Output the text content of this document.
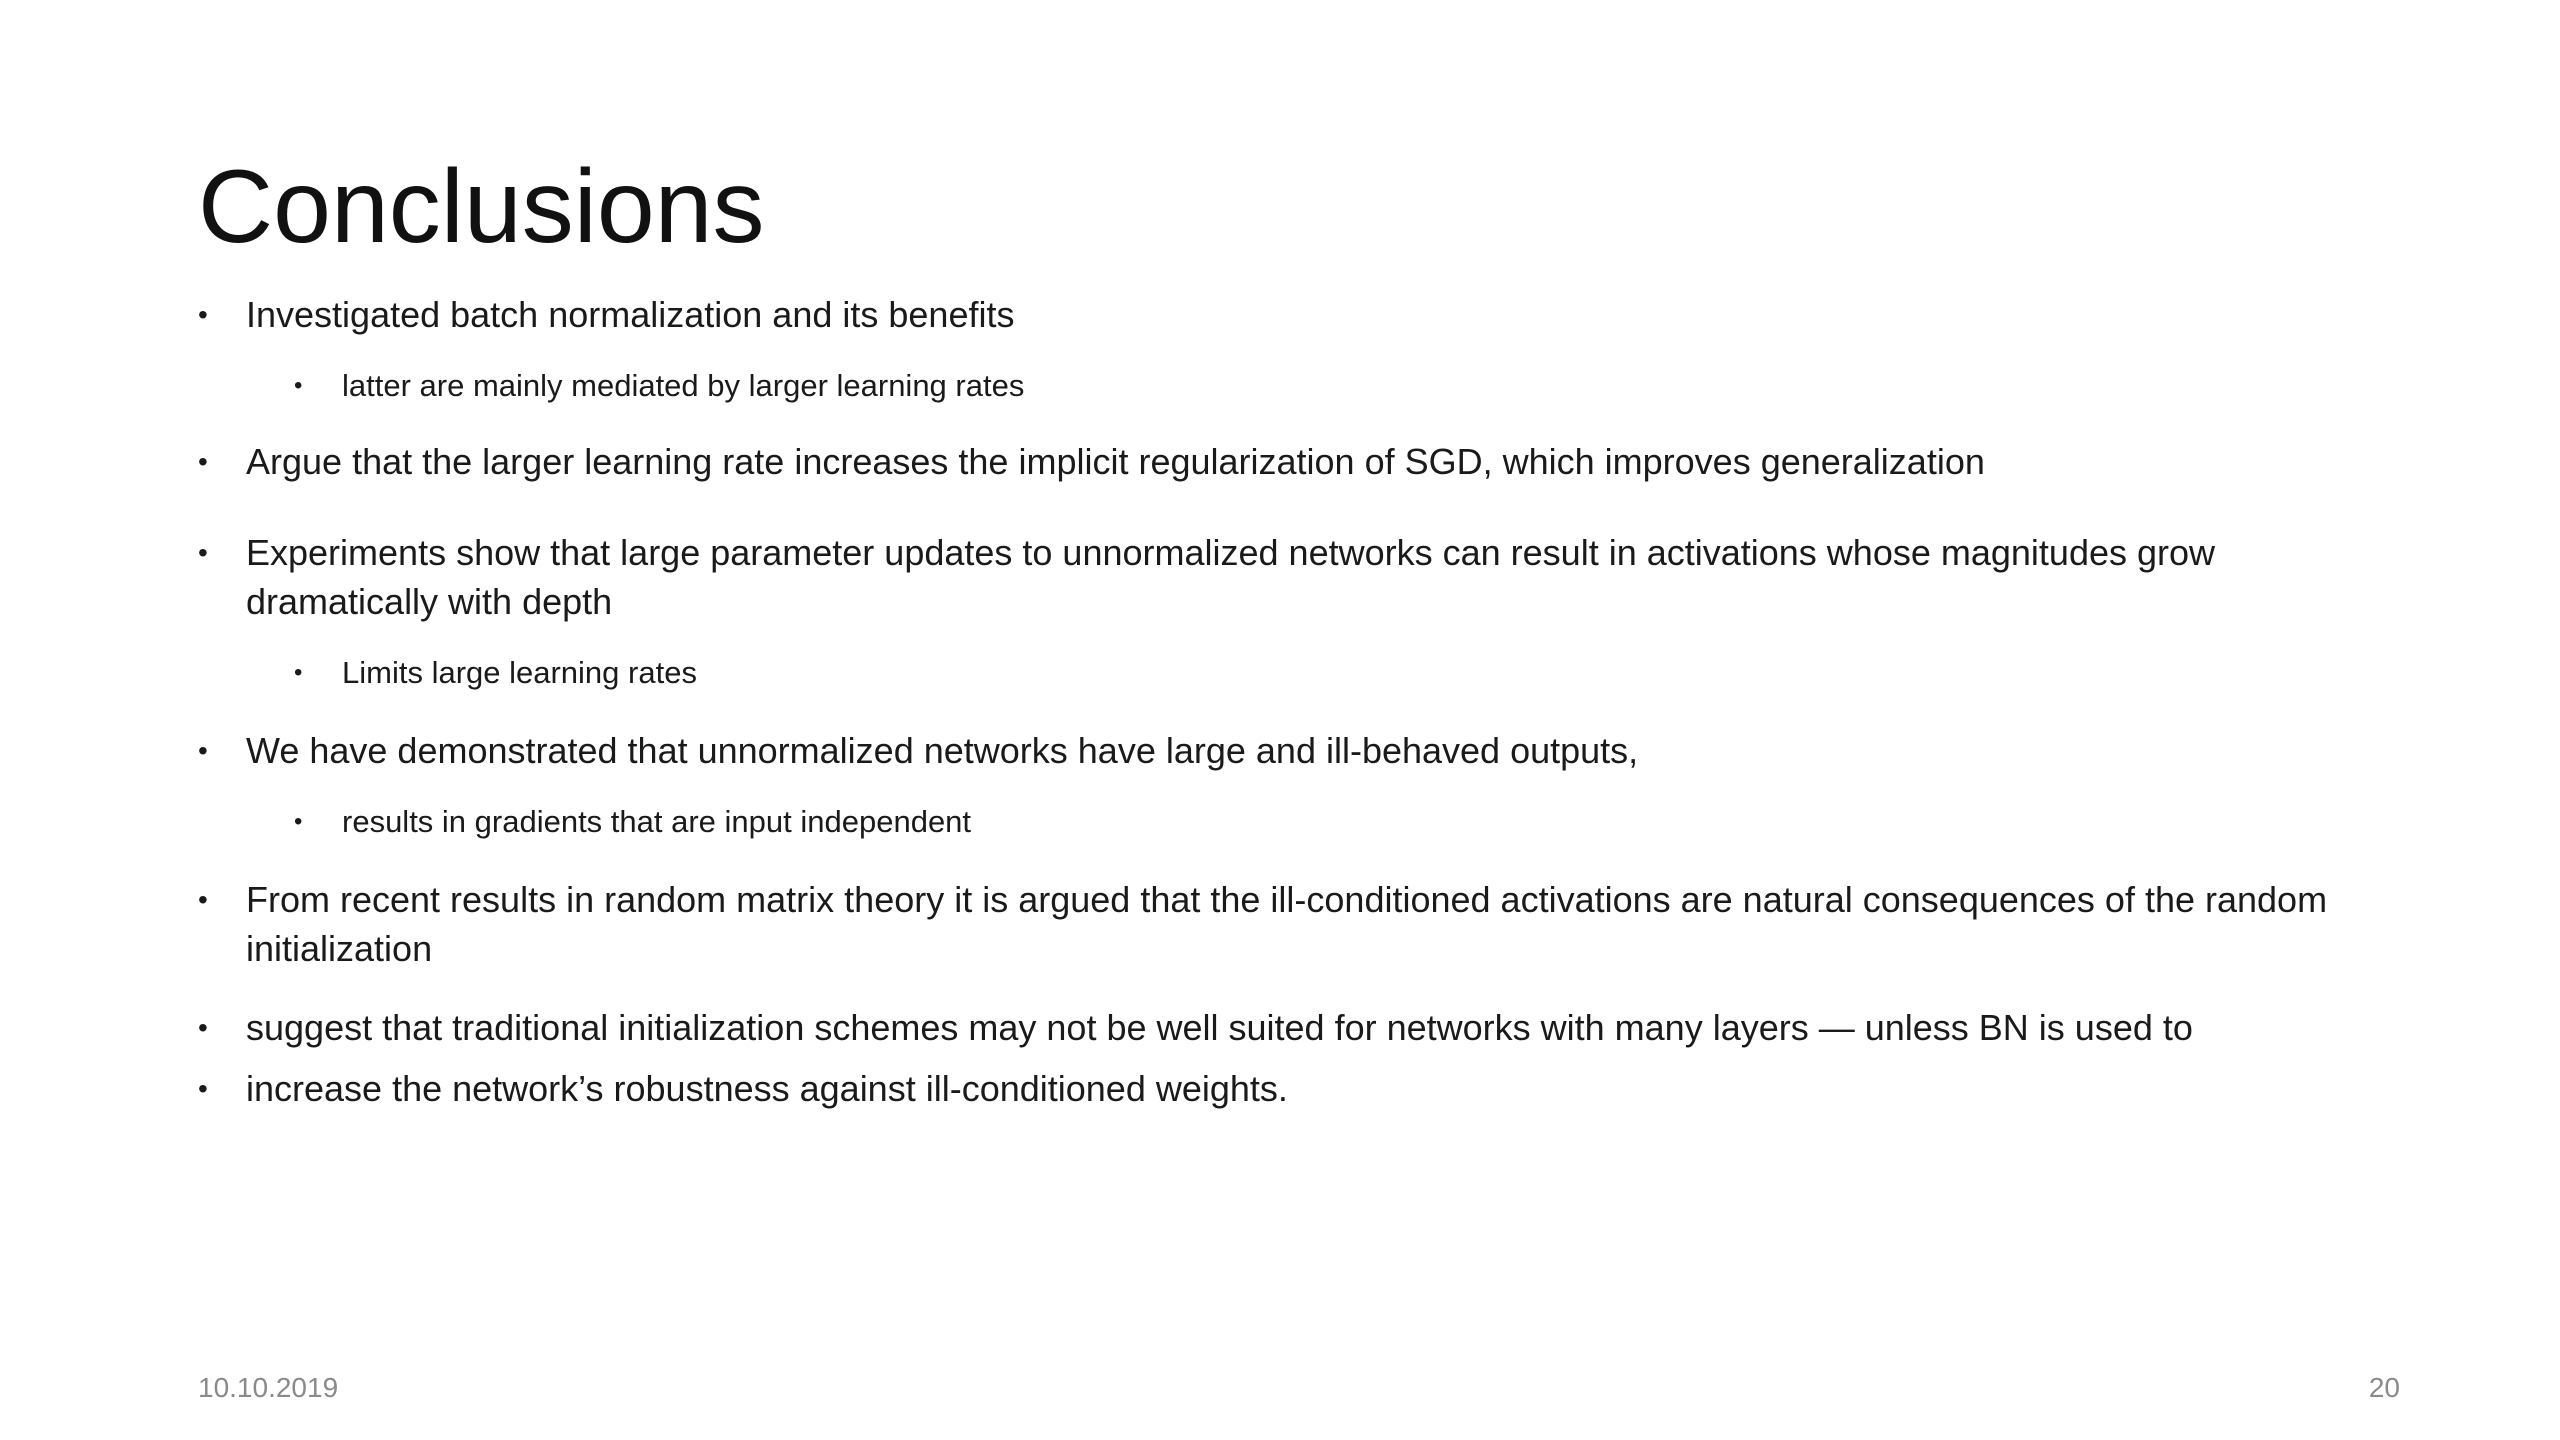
Conclusions
• Investigated batch normalization and its benefits
• latter are mainly mediated by larger learning rates
• Argue that the larger learning rate increases the implicit regularization of SGD, which improves generalization
• Experiments show that large parameter updates to unnormalized networks can result in activations whose magnitudes grow dramatically with depth
• Limits large learning rates
• We have demonstrated that unnormalized networks have large and ill-behaved outputs,
• results in gradients that are input independent
• From recent results in random matrix theory it is argued that the ill-conditioned activations are natural consequences of the random initialization
• suggest that traditional initialization schemes may not be well suited for networks with many layers — unless BN is used to
• increase the network’s robustness against ill-conditioned weights.
10.10.2019	20
